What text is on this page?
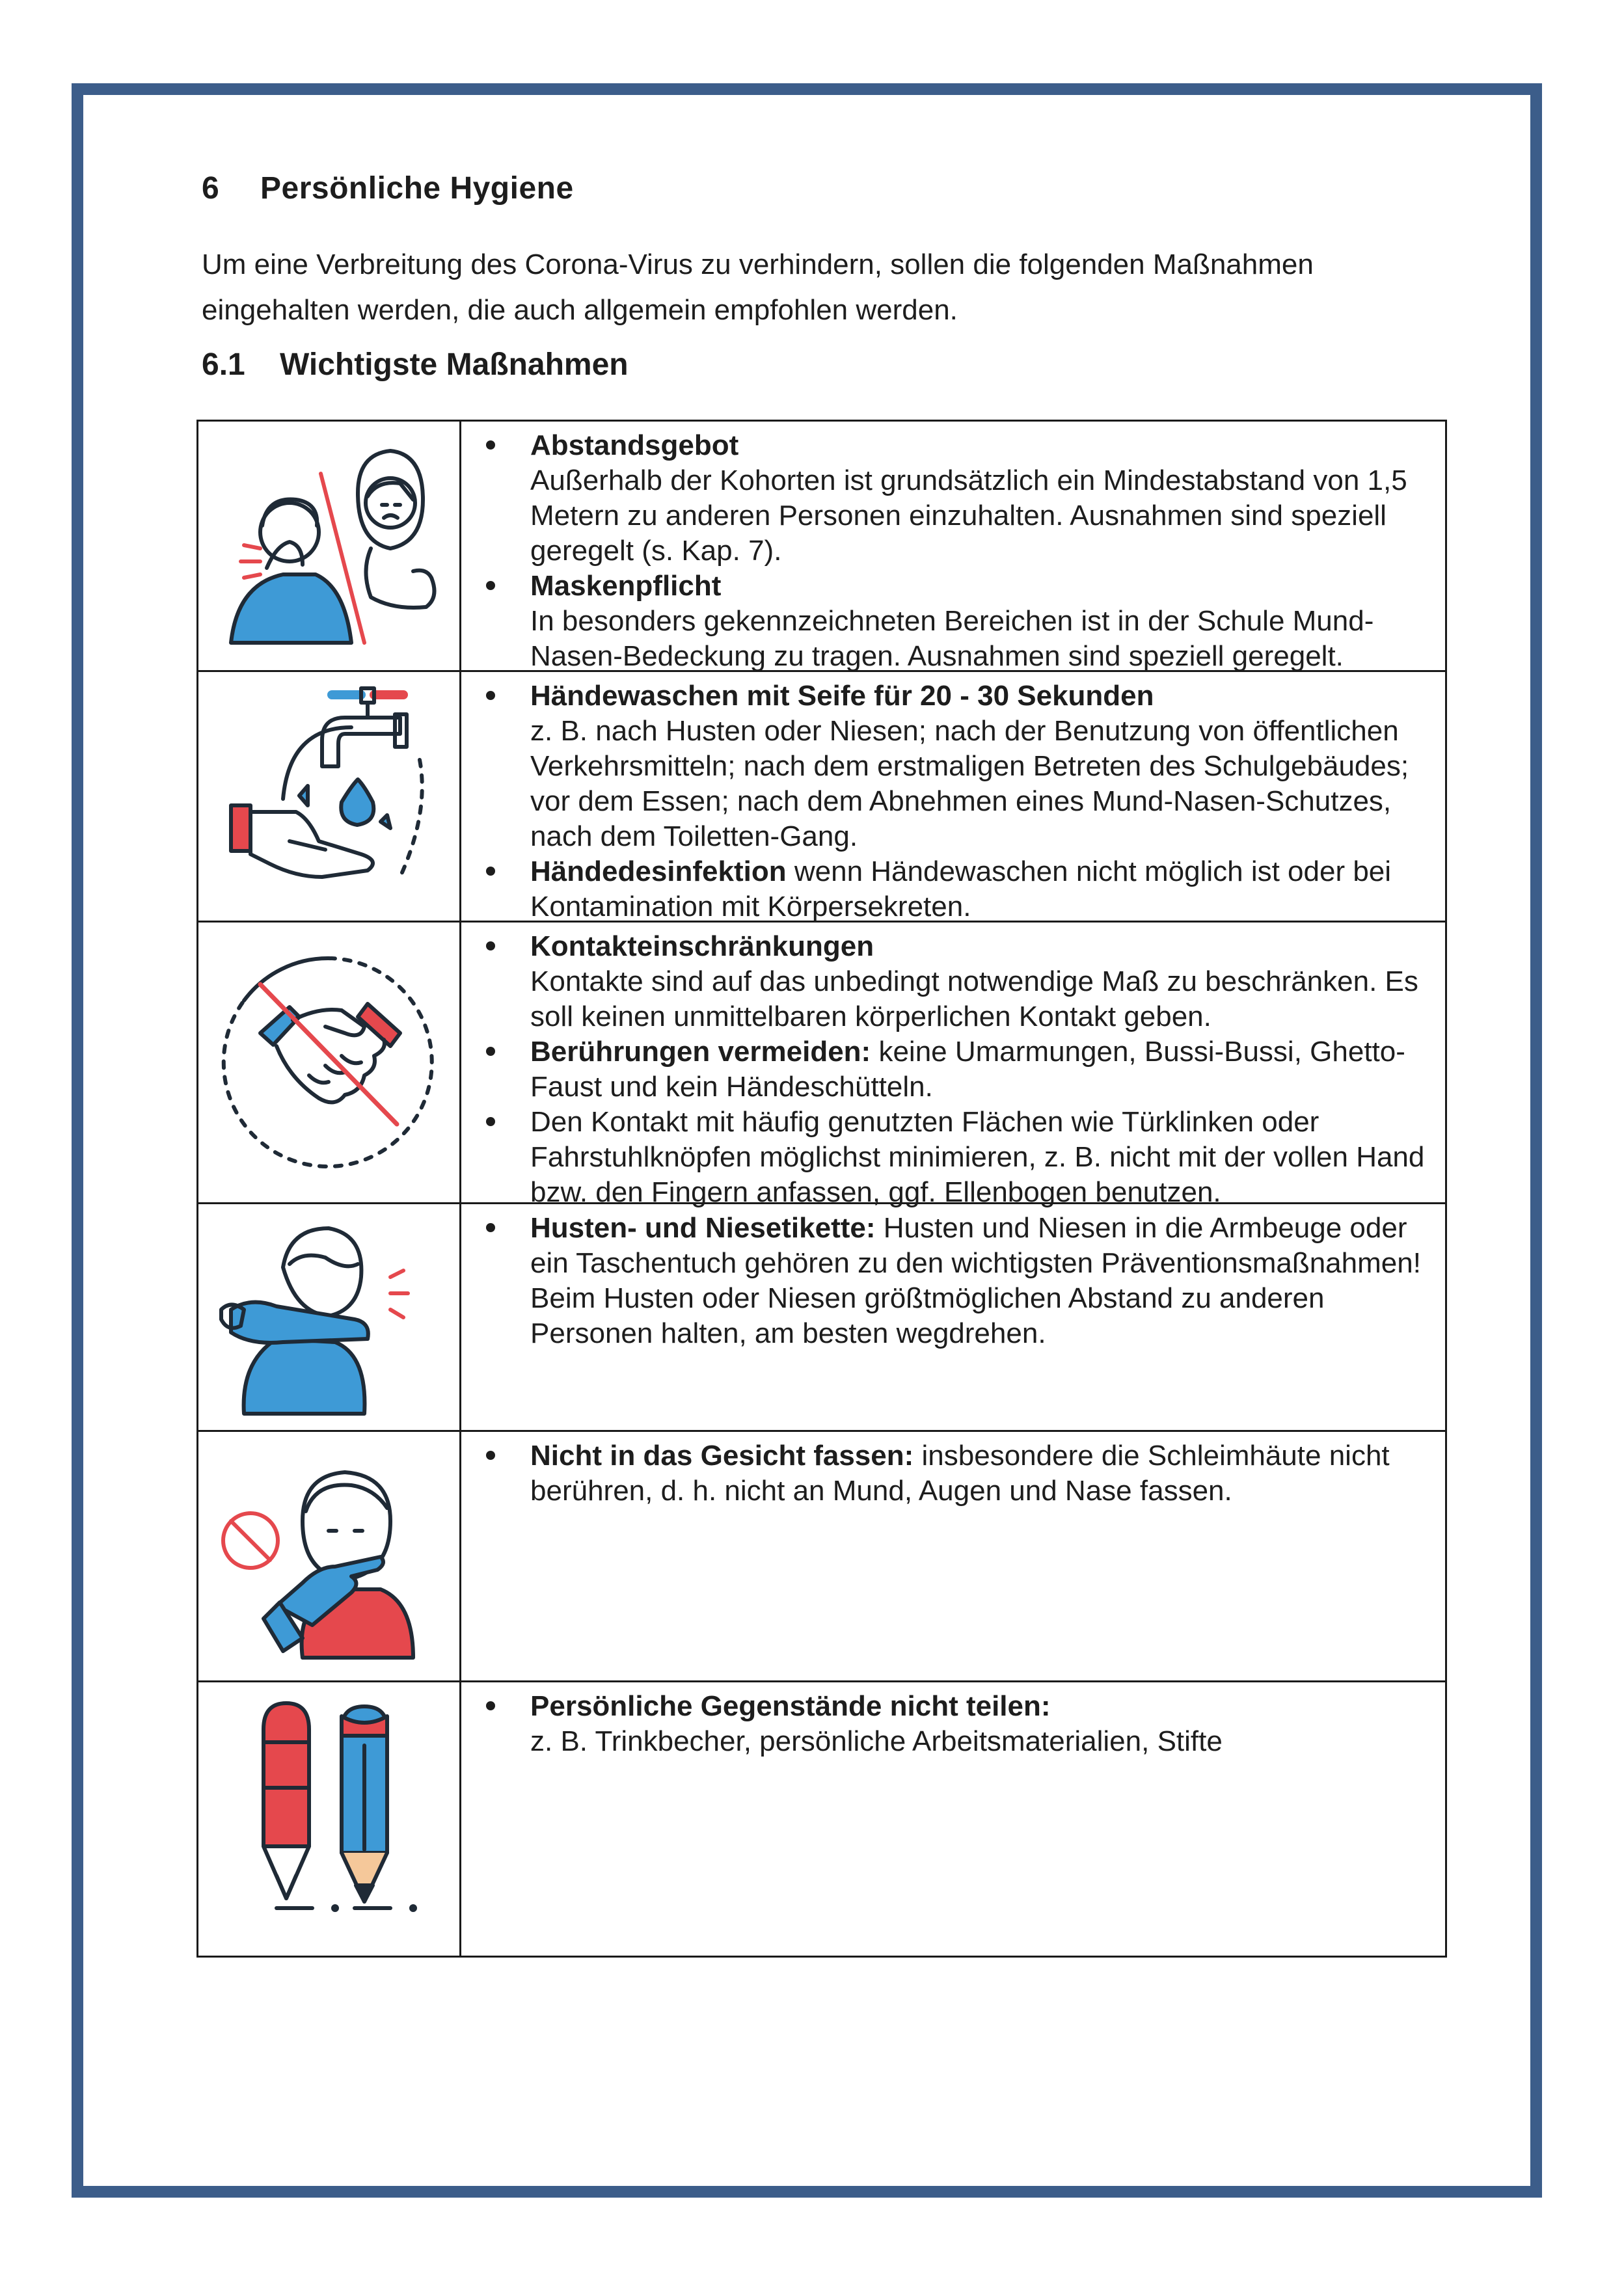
6 Persönliche Hygiene

Um eine Verbreitung des Corona-Virus zu verhindern, sollen die folgenden Maßnahmen eingehalten werden, die auch allgemein empfohlen werden.

6.1 Wichtigste Maßnahmen
Abstandsgebot
Außerhalb der Kohorten ist grundsätzlich ein Mindestabstand von 1,5 Metern zu anderen Personen einzuhalten. Ausnahmen sind speziell geregelt (s. Kap. 7).
Maskenpflicht
In besonders gekennzeichneten Bereichen ist in der Schule Mund-Nasen-Bedeckung zu tragen. Ausnahmen sind speziell geregelt.
Händewaschen mit Seife für 20 - 30 Sekunden
z. B. nach Husten oder Niesen; nach der Benutzung von öffentlichen Verkehrsmitteln; nach dem erstmaligen Betreten des Schulgebäudes; vor dem Essen; nach dem Abnehmen eines Mund-Nasen-Schutzes, nach dem Toiletten-Gang.
Händedesinfektion wenn Händewaschen nicht möglich ist oder bei Kontamination mit Körpersekreten.
Kontakteinschränkungen
Kontakte sind auf das unbedingt notwendige Maß zu beschränken. Es soll keinen unmittelbaren körperlichen Kontakt geben.
Berührungen vermeiden: keine Umarmungen, Bussi-Bussi, Ghetto-Faust und kein Händeschütteln.
Den Kontakt mit häufig genutzten Flächen wie Türklinken oder Fahrstuhlknöpfen möglichst minimieren, z. B. nicht mit der vollen Hand bzw. den Fingern anfassen, ggf. Ellenbogen benutzen.
Husten- und Niesetikette: Husten und Niesen in die Armbeuge oder ein Taschentuch gehören zu den wichtigsten Präventionsmaßnahmen! Beim Husten oder Niesen größtmöglichen Abstand zu anderen Personen halten, am besten wegdrehen.
Nicht in das Gesicht fassen: insbesondere die Schleimhäute nicht berühren, d. h. nicht an Mund, Augen und Nase fassen.
Persönliche Gegenstände nicht teilen:
z. B. Trinkbecher, persönliche Arbeitsmaterialien, Stifte
